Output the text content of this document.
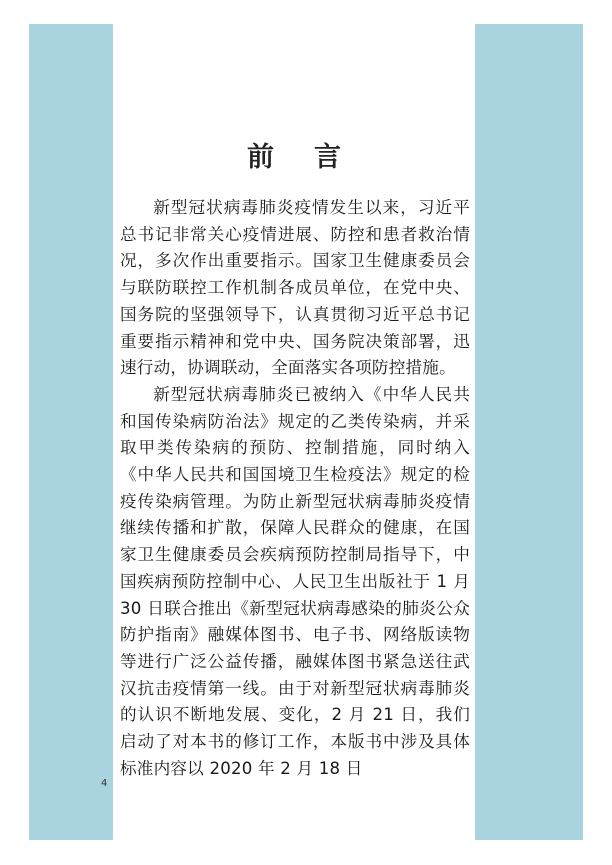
前言

新型冠状病毒肺炎疫情发生以来，习近平总书记非常关心疫情进展、防控和患者救治情况，多次作出重要指示。国家卫生健康委员会与联防联控工作机制各成员单位，在党中央、国务院的坚强领导下，认真贯彻习近平总书记重要指示精神和党中央、国务院决策部署，迅速行动，协调联动，全面落实各项防控措施。

新型冠状病毒肺炎已被纳入《中华人民共和国传染病防治法》规定的乙类传染病，并采取甲类传染病的预防、控制措施，同时纳入《中华人民共和国国境卫生检疫法》规定的检疫传染病管理。为防止新型冠状病毒肺炎疫情继续传播和扩散，保障人民群众的健康，在国家卫生健康委员会疾病预防控制局指导下，中国疾病预防控制中心、人民卫生出版社于 1 月 30 日联合推出《新型冠状病毒感染的肺炎公众防护指南》融媒体图书、电子书、网络版读物等进行广泛公益传播，融媒体图书紧急送往武汉抗击疫情第一线。由于对新型冠状病毒肺炎的认识不断地发展、变化，2 月 21 日，我们启动了对本书的修订工作，本版书中涉及具体标准内容以 2020 年 2 月 18 日

4
